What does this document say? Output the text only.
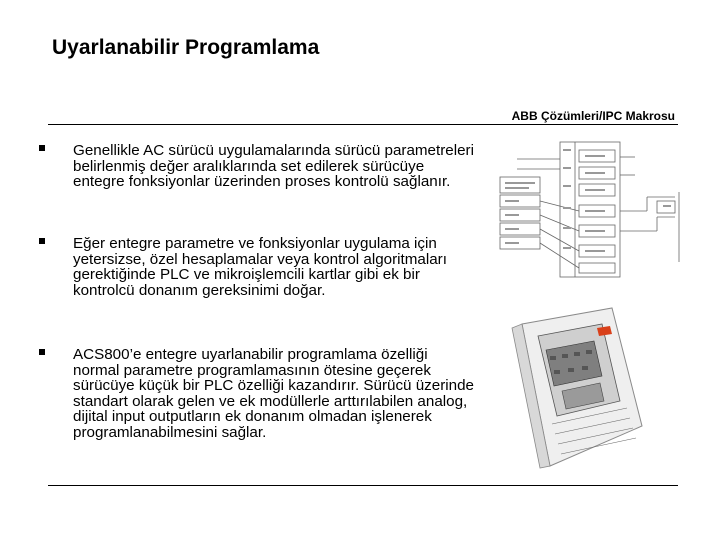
Uyarlanabilir Programlama
ABB Çözümleri/IPC Makrosu

Genellikle AC sürücü uygulamalarında sürücü parametreleri belirlenmiş değer aralıklarında set edilerek sürücüye entegre fonksiyonlar üzerinden proses kontrolü sağlanır.

Eğer entegre parametre ve fonksiyonlar uygulama için yetersizse, özel hesaplamalar veya kontrol algoritmaları gerektiğinde PLC ve mikroişlemcili kartlar gibi ek bir kontrolcü donanım gereksinimi doğar.

ACS800’e entegre uyarlanabilir programlama özelliği normal parametre programlamasının ötesine geçerek sürücüye küçük bir PLC özelliği kazandırır. Sürücü üzerinde standart olarak gelen ve ek modüllerle arttırılabilen analog, dijital input outputların ek donanım olmadan işlenerek programlanabilmesini sağlar.
